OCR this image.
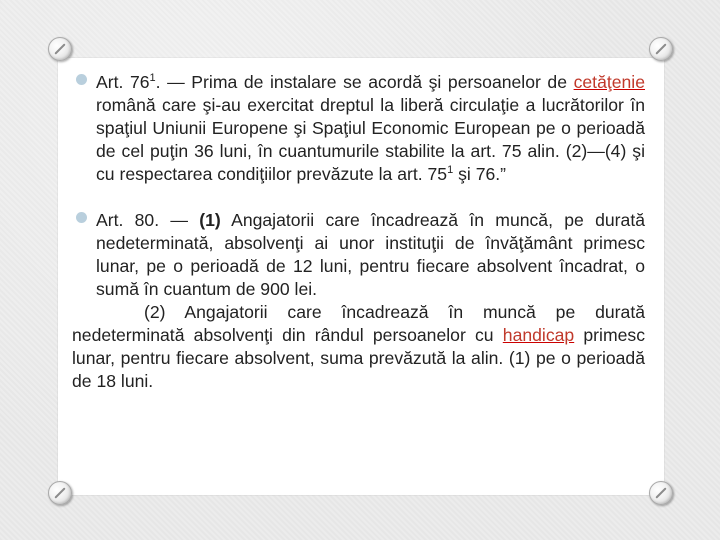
Art. $76^1$. — Prima de instalare se acordă şi persoanelor de cetăţenie română care şi-au exercitat dreptul la liberă circulaţie a lucrătorilor în spaţiul Uniunii Europene şi Spaţiul Economic European pe o perioadă de cel puţin 36 luni, în cuantumurile stabilite la art. 75 alin. (2)—(4) şi cu respectarea condiţiilor prevăzute la art. $75^1$ şi 76.”
Art. 80. — (1) Angajatorii care încadrează în muncă, pe durată nedeterminată, absolvenţi ai unor instituţii de învăţământ primesc lunar, pe o perioadă de 12 luni, pentru fiecare absolvent încadrat, o sumă în cuantum de 900 lei.
(2) Angajatorii care încadrează în muncă pe durată nedeterminată absolvenţi din rândul persoanelor cu handicap primesc lunar, pentru fiecare absolvent, suma prevăzută la alin. (1) pe o perioadă de 18 luni.
